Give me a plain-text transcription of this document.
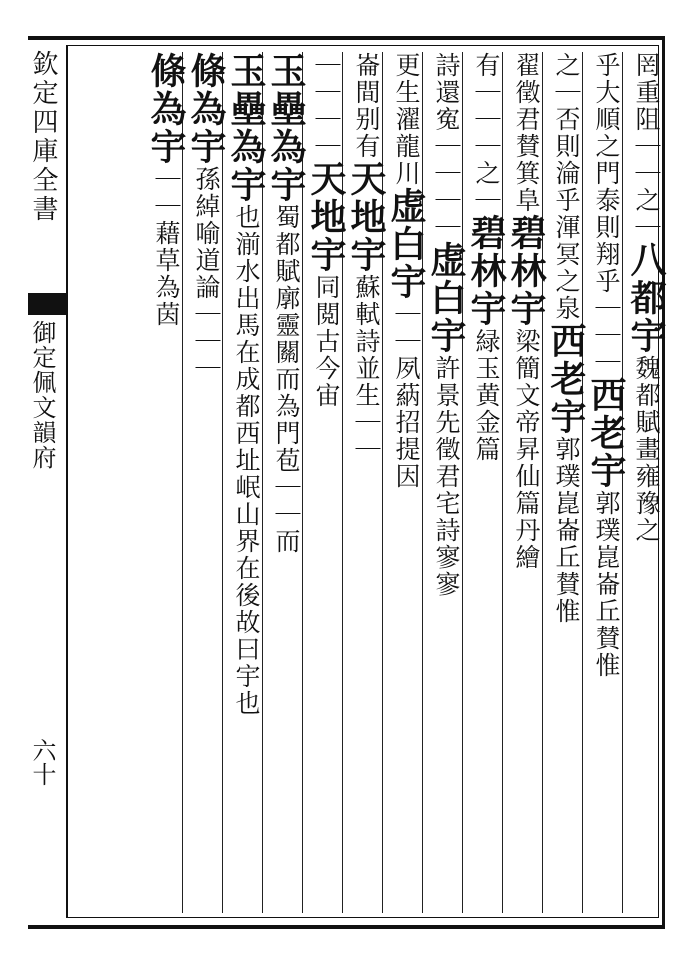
欽定四庫全書
御定佩文韻府
六十
罔重阻｜｜之｜八都宇魏都賦畫雍豫之
乎大順之門泰則翔乎｜｜｜西老宇郭璞崑崙丘賛惟
之｜否則淪乎渾冥之泉西老宇郭璞崑崙丘賛惟
翟徵君賛箕阜碧林宇梁簡文帝昇仙篇丹繪
有｜｜｜之｜碧林宇緑玉黄金篇
詩還寃｜｜｜｜虚白宇許景先徵君宅詩寥寥
更生濯龍川虚白宇｜｜夙蒳招提因
崙間别有天地宇蘇軾詩並生｜｜
｜｜｜｜天地宇同閲古今宙
玉壘為宇蜀都賦廓靈關而為門苞｜｜而
玉壘為宇也湔水出馬在成都西址岷山界在後故曰宇也
條為宇孫綽喻道論｜｜｜
條為宇｜｜藉草為茵
